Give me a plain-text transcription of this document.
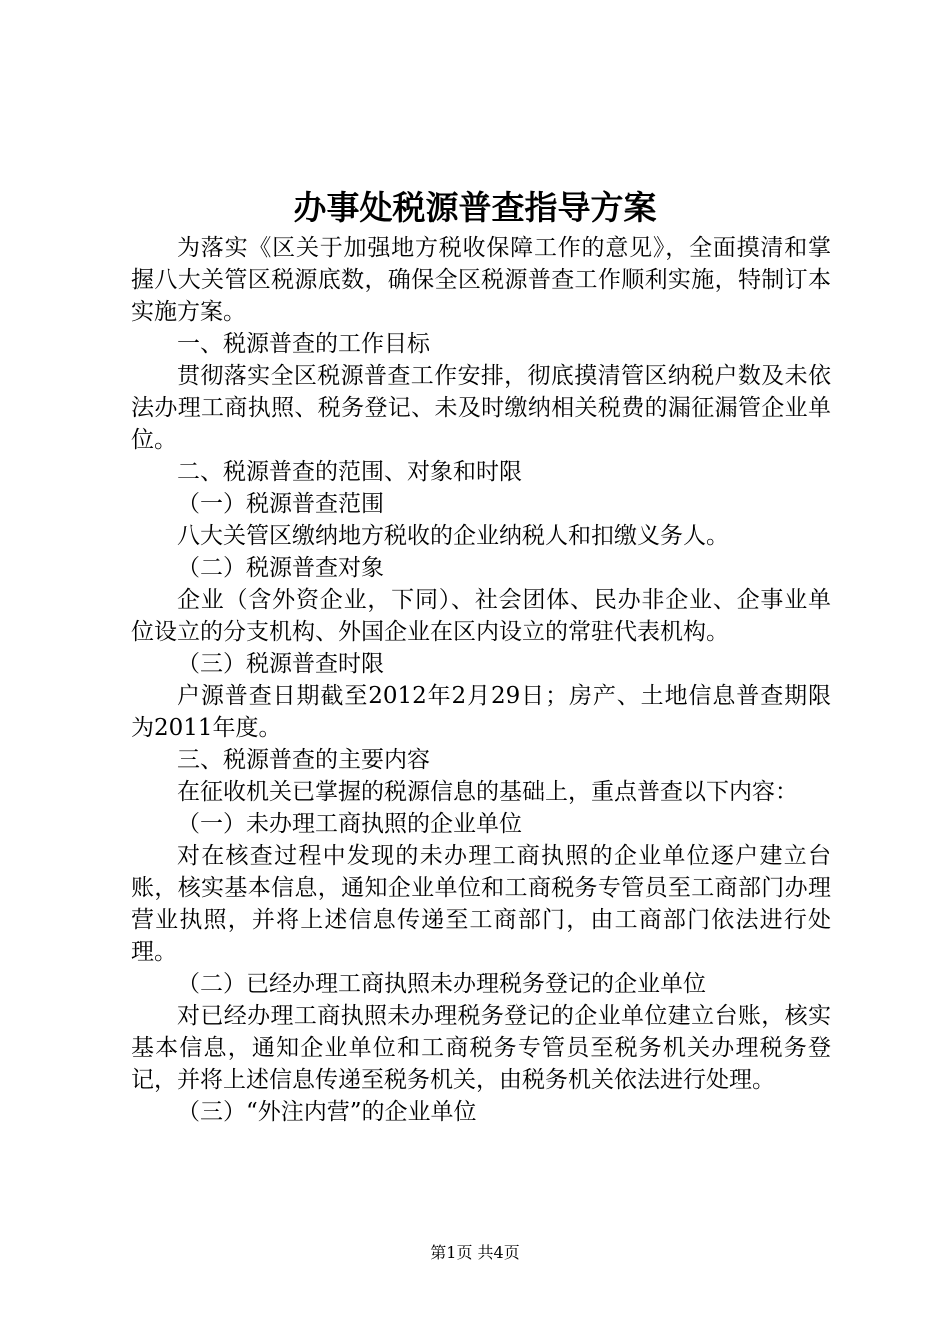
办事处税源普查指导方案

为落实《区关于加强地方税收保障工作的意见》，全面摸清和掌握八大关管区税源底数，确保全区税源普查工作顺利实施，特制订本实施方案。

一、税源普查的工作目标

贯彻落实全区税源普查工作安排，彻底摸清管区纳税户数及未依法办理工商执照、税务登记、未及时缴纳相关税费的漏征漏管企业单位。

二、税源普查的范围、对象和时限

（一）税源普查范围

八大关管区缴纳地方税收的企业纳税人和扣缴义务人。

（二）税源普查对象

企业（含外资企业，下同）、社会团体、民办非企业、企事业单位设立的分支机构、外国企业在区内设立的常驻代表机构。

（三）税源普查时限

户源普查日期截至2012年2月29日；房产、土地信息普查期限为2011年度。

三、税源普查的主要内容

在征收机关已掌握的税源信息的基础上，重点普查以下内容：

（一）未办理工商执照的企业单位

对在核查过程中发现的未办理工商执照的企业单位逐户建立台账，核实基本信息，通知企业单位和工商税务专管员至工商部门办理营业执照，并将上述信息传递至工商部门，由工商部门依法进行处理。

（二）已经办理工商执照未办理税务登记的企业单位

对已经办理工商执照未办理税务登记的企业单位建立台账，核实基本信息，通知企业单位和工商税务专管员至税务机关办理税务登记，并将上述信息传递至税务机关，由税务机关依法进行处理。

（三）“外注内营”的企业单位

第1页 共4页
